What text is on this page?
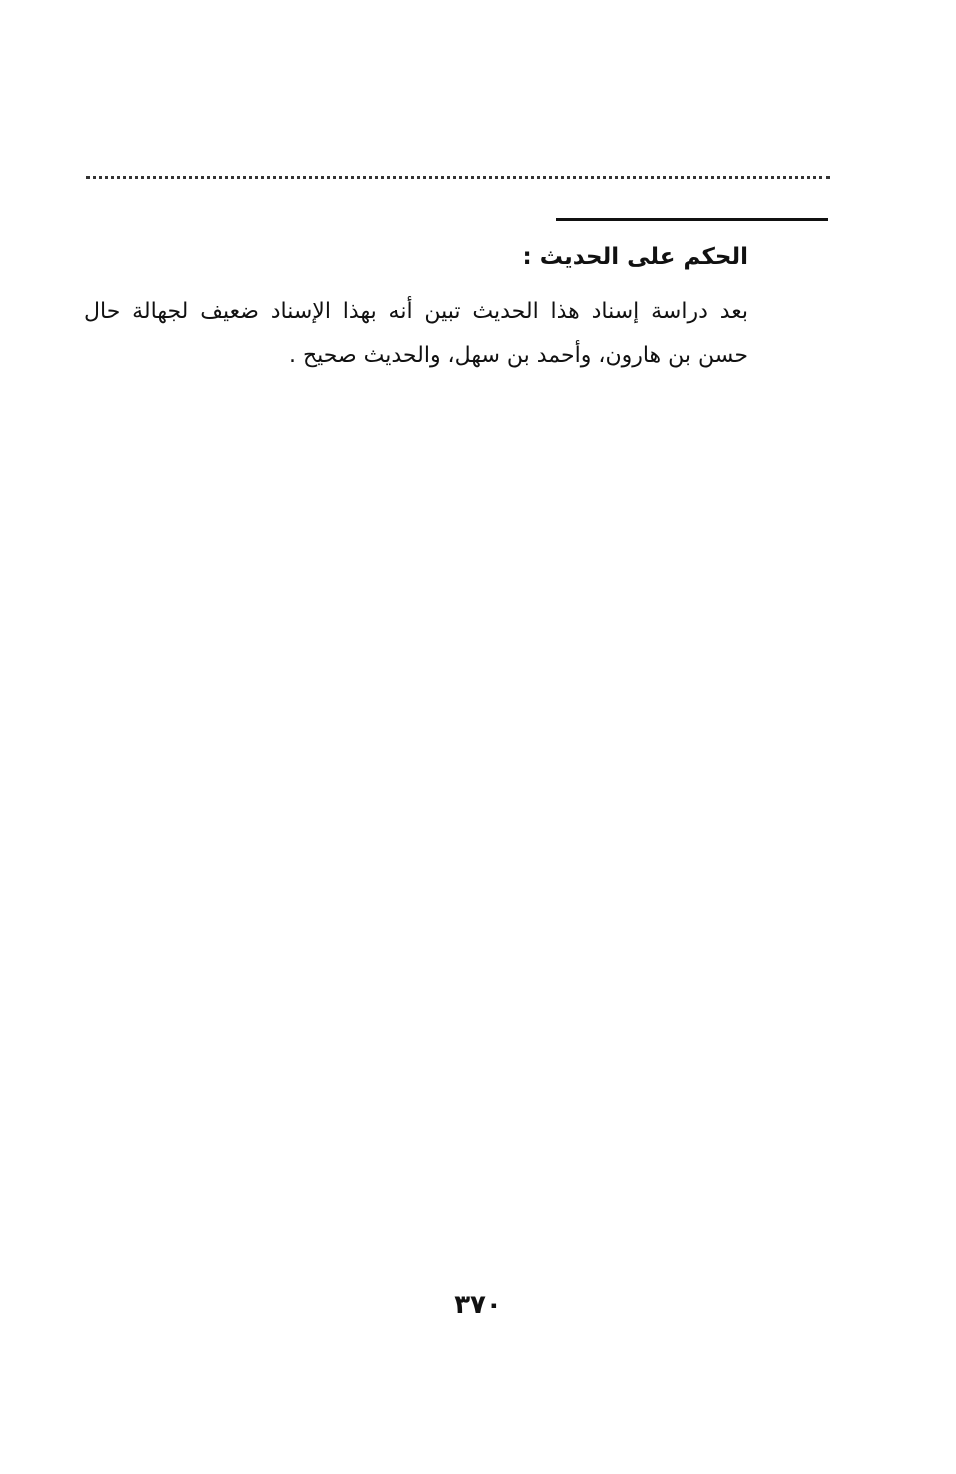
الحكم على الحديث :

بعد دراسة إسناد هذا الحديث تبين أنه بهذا الإسناد ضعيف لجهالة حال حسن بن هارون، وأحمد بن سهل، والحديث صحيح .

٣٧٠
